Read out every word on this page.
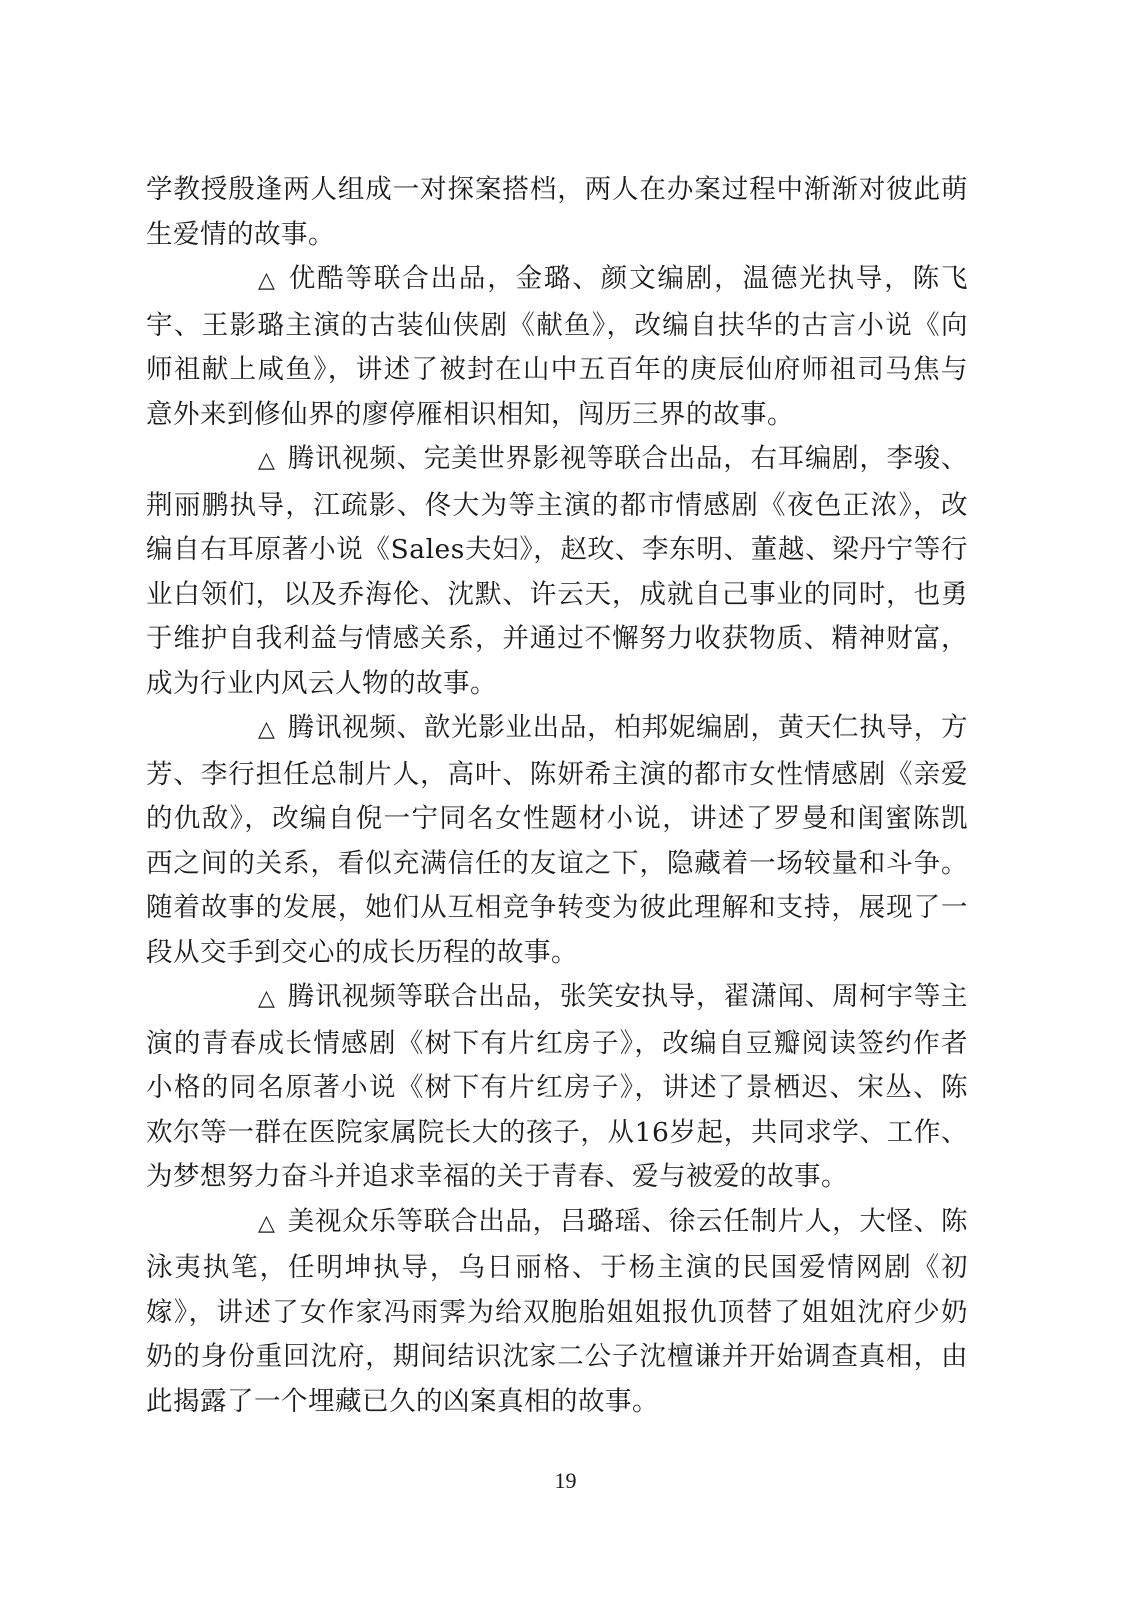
学教授殷逢两人组成一对探案搭档，两人在办案过程中渐渐对彼此萌生爱情的故事。

△ 优酷等联合出品，金璐、颜文编剧，温德光执导，陈飞宇、王影璐主演的古装仙侠剧《献鱼》，改编自扶华的古言小说《向师祖献上咸鱼》，讲述了被封在山中五百年的庚辰仙府师祖司马焦与意外来到修仙界的廖停雁相识相知，闯历三界的故事。

△ 腾讯视频、完美世界影视等联合出品，右耳编剧，李骏、荆丽鹏执导，江疏影、佟大为等主演的都市情感剧《夜色正浓》，改编自右耳原著小说《Sales夫妇》，赵玫、李东明、董越、梁丹宁等行业白领们，以及乔海伦、沈默、许云天，成就自己事业的同时，也勇于维护自我利益与情感关系，并通过不懈努力收获物质、精神财富，成为行业内风云人物的故事。

△ 腾讯视频、歆光影业出品，柏邦妮编剧，黄天仁执导，方芳、李行担任总制片人，高叶、陈妍希主演的都市女性情感剧《亲爱的仇敌》，改编自倪一宁同名女性题材小说，讲述了罗曼和闺蜜陈凯西之间的关系，看似充满信任的友谊之下，隐藏着一场较量和斗争。随着故事的发展，她们从互相竞争转变为彼此理解和支持，展现了一段从交手到交心的成长历程的故事。

△ 腾讯视频等联合出品，张笑安执导，翟潇闻、周柯宇等主演的青春成长情感剧《树下有片红房子》，改编自豆瓣阅读签约作者小格的同名原著小说《树下有片红房子》，讲述了景栖迟、宋丛、陈欢尔等一群在医院家属院长大的孩子，从16岁起，共同求学、工作、为梦想努力奋斗并追求幸福的关于青春、爱与被爱的故事。

△ 美视众乐等联合出品，吕璐瑶、徐云任制片人，大怪、陈泳夷执笔，任明坤执导，乌日丽格、于杨主演的民国爱情网剧《初嫁》，讲述了女作家冯雨霁为给双胞胎姐姐报仇顶替了姐姐沈府少奶奶的身份重回沈府，期间结识沈家二公子沈檀谦并开始调查真相，由此揭露了一个埋藏已久的凶案真相的故事。

19
